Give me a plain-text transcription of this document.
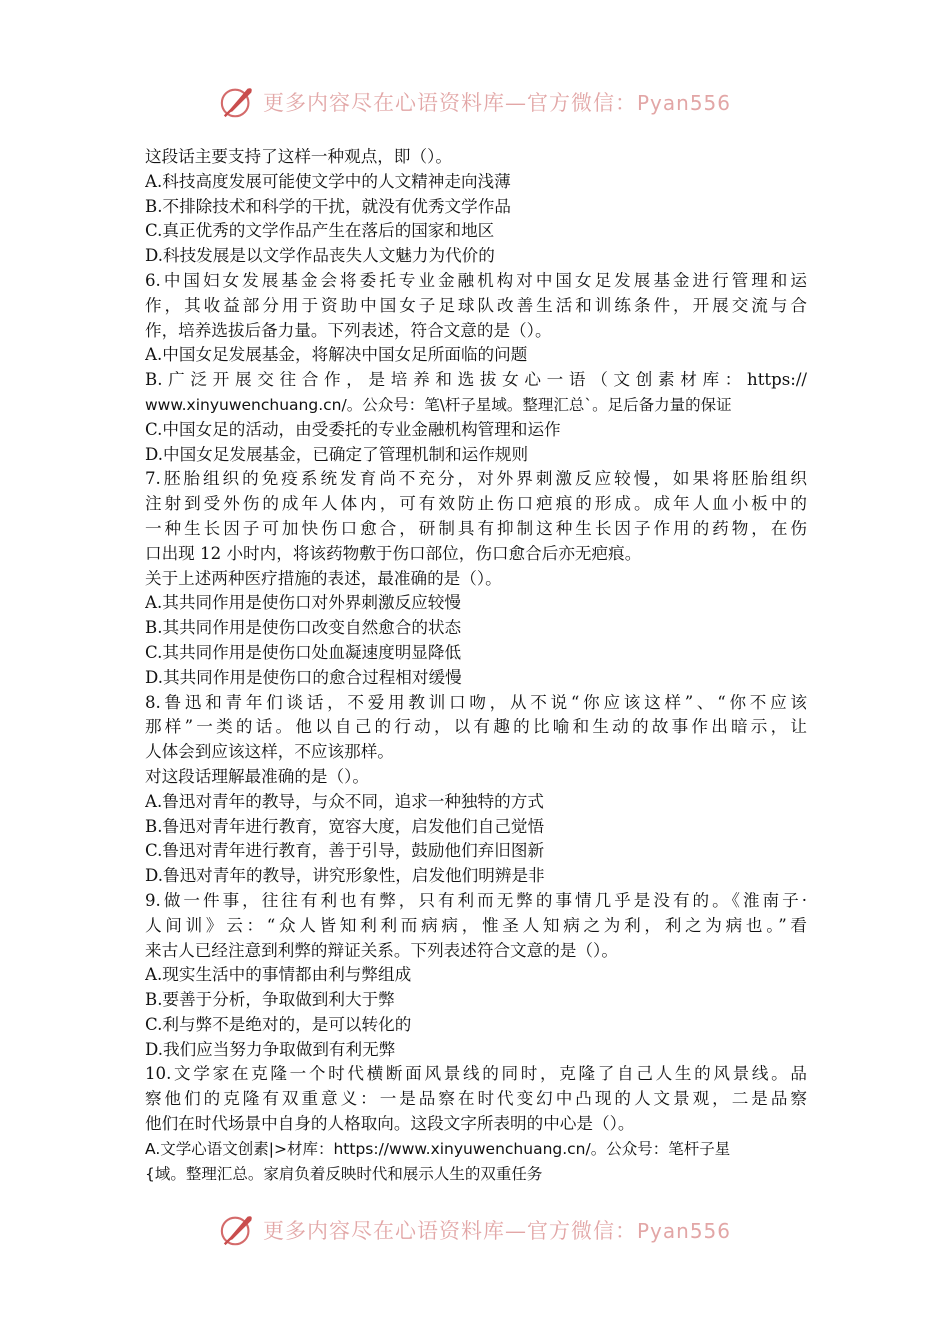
更多内容尽在心语资料库—官方微信：Pyan556

这段话主要支持了这样一种观点，即（）。

A.科技高度发展可能使文学中的人文精神走向浅薄

B.不排除技术和科学的干扰，就没有优秀文学作品

C.真正优秀的文学作品产生在落后的国家和地区

D.科技发展是以文学作品丧失人文魅力为代价的

6.中国妇女发展基金会将委托专业金融机构对中国女足发展基金进行管理和运

作，其收益部分用于资助中国女子足球队改善生活和训练条件，开展交流与合

作，培养选拔后备力量。下列表述，符合文意的是（）。

A.中国女足发展基金，将解决中国女足所面临的问题

B.广泛开展交往合作，是培养和选拔女心一语（文创素材库：https://

www.xinyuwenchuang.cn/。公众号：笔\杆子星域。整理汇总`。足后备力量的保证

C.中国女足的活动，由受委托的专业金融机构管理和运作

D.中国女足发展基金，已确定了管理机制和运作规则

7.胚胎组织的免疫系统发育尚不充分，对外界刺激反应较慢，如果将胚胎组织

注射到受外伤的成年人体内，可有效防止伤口疤痕的形成。成年人血小板中的

一种生长因子可加快伤口愈合，研制具有抑制这种生长因子作用的药物，在伤

口出现 12 小时内，将该药物敷于伤口部位，伤口愈合后亦无疤痕。

关于上述两种医疗措施的表述，最准确的是（）。

A.其共同作用是使伤口对外界刺激反应较慢

B.其共同作用是使伤口改变自然愈合的状态

C.其共同作用是使伤口处血凝速度明显降低

D.其共同作用是使伤口的愈合过程相对缓慢

8.鲁迅和青年们谈话，不爱用教训口吻，从不说“你应该这样”、“你不应该

那样”一类的话。他以自己的行动，以有趣的比喻和生动的故事作出暗示，让

人体会到应该这样，不应该那样。

对这段话理解最准确的是（）。

A.鲁迅对青年的教导，与众不同，追求一种独特的方式

B.鲁迅对青年进行教育，宽容大度，启发他们自己觉悟

C.鲁迅对青年进行教育，善于引导，鼓励他们弃旧图新

D.鲁迅对青年的教导，讲究形象性，启发他们明辨是非

9.做一件事，往往有利也有弊，只有利而无弊的事情几乎是没有的。《淮南子·

人间训》云：“众人皆知利利而病病，惟圣人知病之为利，利之为病也。”看

来古人已经注意到利弊的辩证关系。下列表述符合文意的是（）。

A.现实生活中的事情都由利与弊组成

B.要善于分析，争取做到利大于弊

C.利与弊不是绝对的，是可以转化的

D.我们应当努力争取做到有利无弊

10.文学家在克隆一个时代横断面风景线的同时，克隆了自己人生的风景线。品

察他们的克隆有双重意义：一是品察在时代变幻中凸现的人文景观，二是品察

他们在时代场景中自身的人格取向。这段文字所表明的中心是（）。

A.文学心语文创素|>材库：https://www.xinyuwenchuang.cn/。公众号：笔杆子星

{域。整理汇总。家肩负着反映时代和展示人生的双重任务

更多内容尽在心语资料库—官方微信：Pyan556
